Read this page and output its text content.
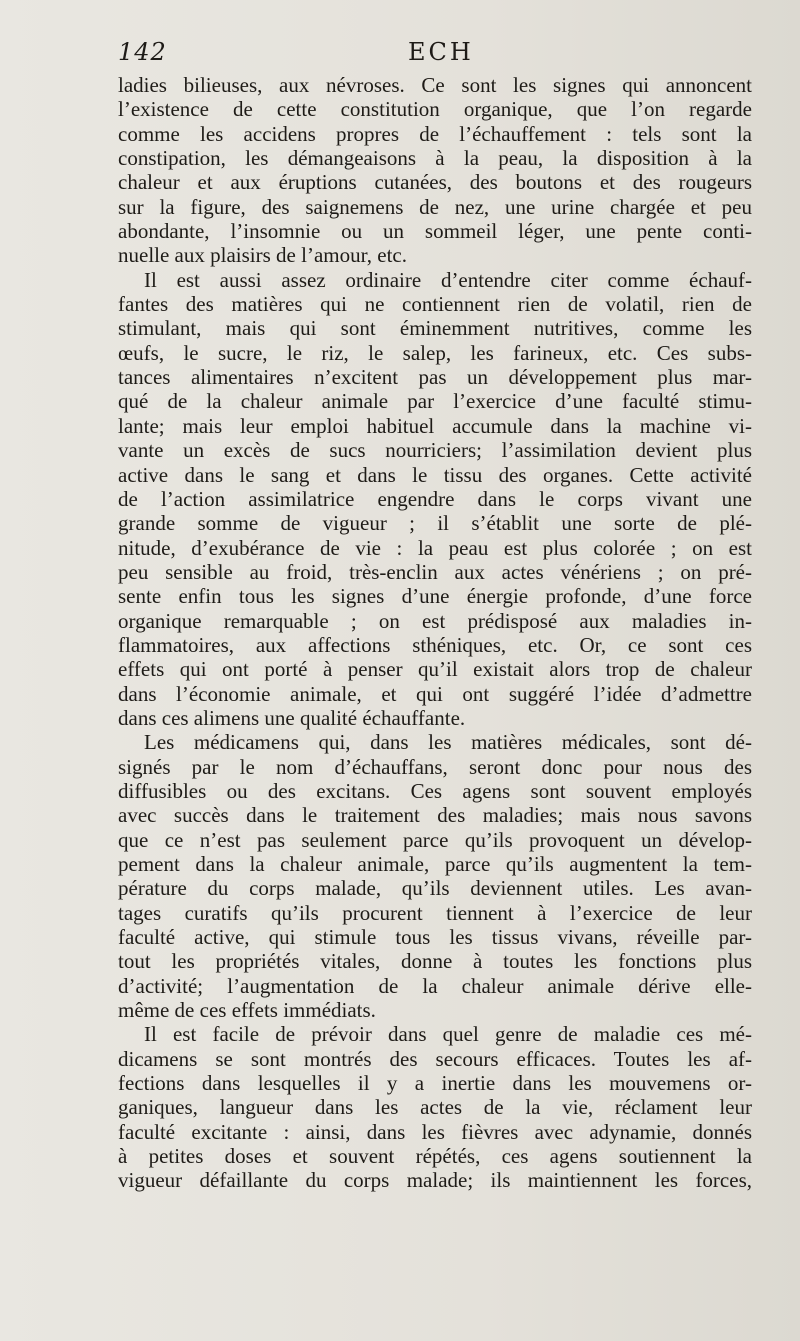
142	ECH
ladies bilieuses, aux névroses. Ce sont les signes qui annoncent
l’existence de cette constitution organique, que l’on regarde
comme les accidens propres de l’échauffement : tels sont la
constipation, les démangeaisons à la peau, la disposition à la
chaleur et aux éruptions cutanées, des boutons et des rougeurs
sur la figure, des saignemens de nez, une urine chargée et peu
abondante, l’insomnie ou un sommeil léger, une pente conti-
nuelle aux plaisirs de l’amour, etc.
Il est aussi assez ordinaire d’entendre citer comme échauf-
fantes des matières qui ne contiennent rien de volatil, rien de
stimulant, mais qui sont éminemment nutritives, comme les
œufs, le sucre, le riz, le salep, les farineux, etc. Ces subs-
tances alimentaires n’excitent pas un développement plus mar-
qué de la chaleur animale par l’exercice d’une faculté stimu-
lante; mais leur emploi habituel accumule dans la machine vi-
vante un excès de sucs nourriciers; l’assimilation devient plus
active dans le sang et dans le tissu des organes. Cette activité
de l’action assimilatrice engendre dans le corps vivant une
grande somme de vigueur ; il s’établit une sorte de plé-
nitude, d’exubérance de vie : la peau est plus colorée ; on est
peu sensible au froid, très-enclin aux actes vénériens ; on pré-
sente enfin tous les signes d’une énergie profonde, d’une force
organique remarquable ; on est prédisposé aux maladies in-
flammatoires, aux affections sthéniques, etc. Or, ce sont ces
effets qui ont porté à penser qu’il existait alors trop de chaleur
dans l’économie animale, et qui ont suggéré l’idée d’admettre
dans ces alimens une qualité échauffante.
Les médicamens qui, dans les matières médicales, sont dé-
signés par le nom d’échauffans, seront donc pour nous des
diffusibles ou des excitans. Ces agens sont souvent employés
avec succès dans le traitement des maladies; mais nous savons
que ce n’est pas seulement parce qu’ils provoquent un dévelop-
pement dans la chaleur animale, parce qu’ils augmentent la tem-
pérature du corps malade, qu’ils deviennent utiles. Les avan-
tages curatifs qu’ils procurent tiennent à l’exercice de leur
faculté active, qui stimule tous les tissus vivans, réveille par-
tout les propriétés vitales, donne à toutes les fonctions plus
d’activité; l’augmentation de la chaleur animale dérive elle-
même de ces effets immédiats.
Il est facile de prévoir dans quel genre de maladie ces mé-
dicamens se sont montrés des secours efficaces. Toutes les af-
fections dans lesquelles il y a inertie dans les mouvemens or-
ganiques, langueur dans les actes de la vie, réclament leur
faculté excitante : ainsi, dans les fièvres avec adynamie, donnés
à petites doses et souvent répétés, ces agens soutiennent la
vigueur défaillante du corps malade; ils maintiennent les forces,
